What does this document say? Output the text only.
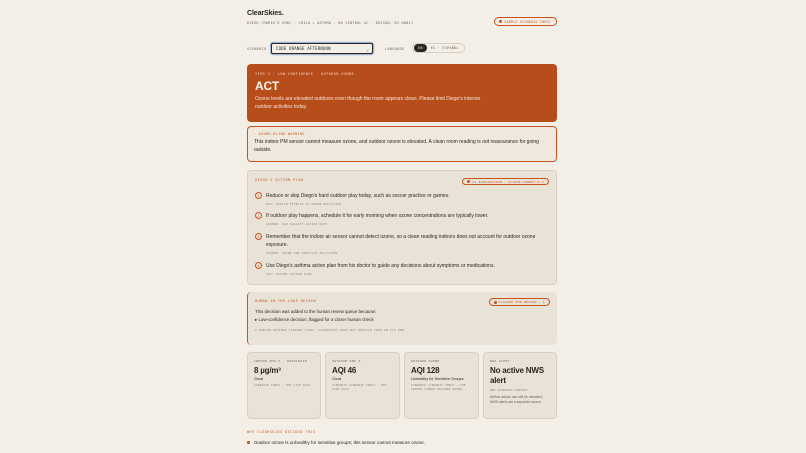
ClearSkies.
DIEGO (MARIA'S SON) · CHILD + ASTHMA · NO CENTRAL AC · EDISON, NJ 08817	SAMPLE SCENARIO INPUT
SCENARIO CODE ORANGE AFTERNOON	⌄	LANGUAGE	EN	ES · ESPAÑOL
TIER 3 · LOW CONFIDENCE · OUTDOOR OZONE
ACT
Ozone levels are elevated outdoors even though the room appears clean. Please limit Diego's intense outdoor activities today.
· OZONE-BLIND WARNING
This indoor PM sensor cannot measure ozone, and outdoor ozone is elevated. A clean room reading is not reassurance for going outside.
DIEGO'S ACTION PLAN	AI EXPLANATION · CLAUDE-SONNET-4-5
1	Reduce or skip Diego's hard outdoor play today, such as soccer practice or games.
EPA: HEALTH EFFECTS OF OZONE POLLUTION
2	If outdoor play happens, schedule it for early morning when ozone concentrations are typically lower.
AIRNOW: AIR QUALITY ACTION DAYS
3	Remember that the indoor air sensor cannot detect ozone, so a clean reading indoors does not account for outdoor ozone exposure.
AIRNOW: OZONE AND PARTICLE POLLUTION
4	Use Diego's asthma action plan from his doctor to guide any decisions about symptoms or medications.
CDC: ASTHMA ACTION PLAN
HUMAN-IN-THE-LOOP REVIEW	FLAGGED FOR REVIEW · 1
This decision was added to the human review queue because:
▸ Low-confidence decision, flagged for a closer human check
A PERSON REVIEWS FLAGGED CASES. CLEARSKIES DOES NOT REPLACE THEM ON ITS OWN.
INDOOR PM2.5 · PURPLEAIR
8 µg/m³
Good
SCENARIO INPUT · NOT LIVE DATA
OUTDOOR PM2.5
AQI 46
Good
SCENARIO SCENARIO INPUT · NOT LIVE DATA
OUTDOOR OZONE
AQI 128
Unhealthy for Sensitive Groups
SCENARIO SCENARIO INPUT · THE SENSOR CANNOT MEASURE OZONE.
NWS ALERT
No active NWS alert
NWS SCENARIO CONTEXT
Airflow advice can still be elevated; NWS alerts are a separate source.
WHY CLEARSKIES DECIDED THIS
Outdoor ozone is unhealthy for sensitive groups; this sensor cannot measure ozone.
